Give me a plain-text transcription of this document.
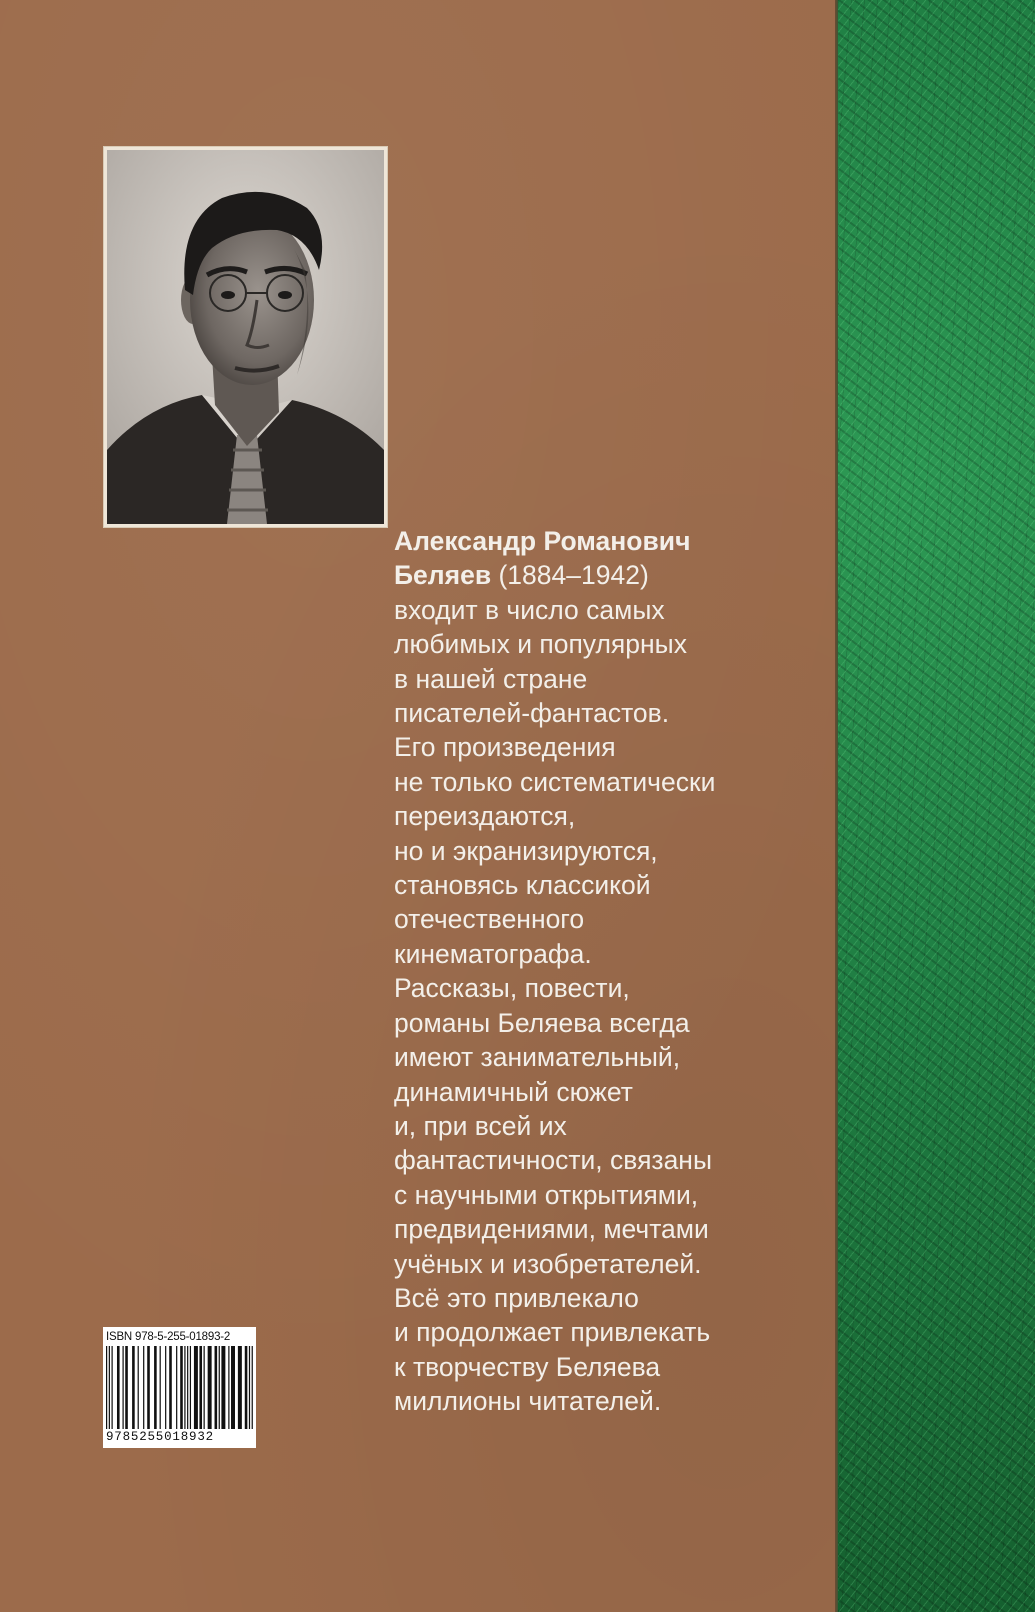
Александр Романович
Беляев (1884–1942)
входит в число самых
любимых и популярных
в нашей стране
писателей-фантастов.
Его произведения
не только систематически
переиздаются,
но и экранизируются,
становясь классикой
отечественного
кинематографа.
Рассказы, повести,
романы Беляева всегда
имеют занимательный,
динамичный сюжет
и, при всей их
фантастичности, связаны
с научными открытиями,
предвидениями, мечтами
учёных и изобретателей.
Всё это привлекало
и продолжает привлекать
к творчеству Беляева
миллионы читателей.
ISBN 978-5-255-01893-2
9785255018932
